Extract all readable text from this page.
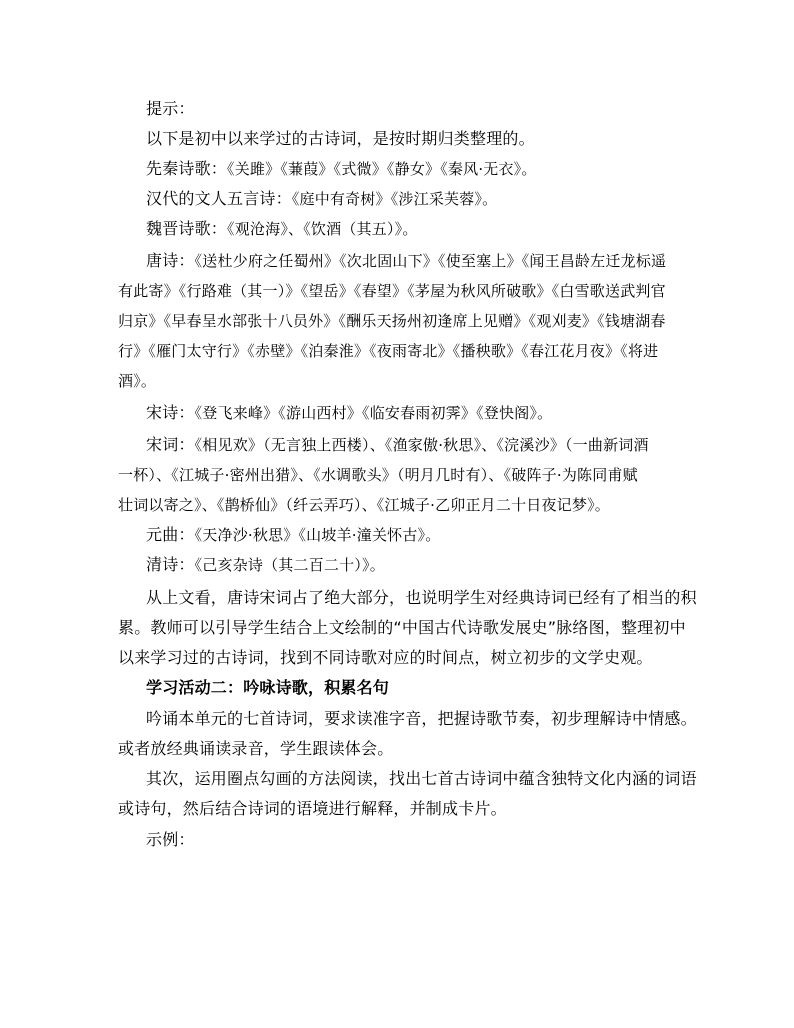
提示：
以下是初中以来学过的古诗词，是按时期归类整理的。
先秦诗歌：《关雎》《蒹葭》《式微》《静女》《秦风·无衣》。
汉代的文人五言诗：《庭中有奇树》《涉江采芙蓉》。
魏晋诗歌：《观沧海》、《饮酒（其五）》。
唐诗：《送杜少府之任蜀州》《次北固山下》《使至塞上》《闻王昌龄左迁龙标遥
有此寄》《行路难（其一）》《望岳》《春望》《茅屋为秋风所破歌》《白雪歌送武判官
归京》《早春呈水部张十八员外》《酬乐天扬州初逢席上见赠》《观刈麦》《钱塘湖春
行》《雁门太守行》《赤壁》《泊秦淮》《夜雨寄北》《播秧歌》《春江花月夜》《将进
酒》。
宋诗：《登飞来峰》《游山西村》《临安春雨初霁》《登快阁》。
宋词：《相见欢》（无言独上西楼）、《渔家傲·秋思》、《浣溪沙》（一曲新词酒
一杯）、《江城子·密州出猎》、《水调歌头》（明月几时有）、《破阵子·为陈同甫赋
壮词以寄之》、《鹊桥仙》（纤云弄巧）、《江城子·乙卯正月二十日夜记梦》。
元曲：《天净沙·秋思》《山坡羊·潼关怀古》。
清诗：《己亥杂诗（其二百二十）》。
从上文看，唐诗宋词占了绝大部分，也说明学生对经典诗词已经有了相当的积
累。教师可以引导学生结合上文绘制的“中国古代诗歌发展史”脉络图，整理初中
以来学习过的古诗词，找到不同诗歌对应的时间点，树立初步的文学史观。
学习活动二：吟咏诗歌，积累名句
吟诵本单元的七首诗词，要求读准字音，把握诗歌节奏，初步理解诗中情感。
或者放经典诵读录音，学生跟读体会。
其次，运用圈点勾画的方法阅读，找出七首古诗词中蕴含独特文化内涵的词语
或诗句，然后结合诗词的语境进行解释，并制成卡片。
示例：
